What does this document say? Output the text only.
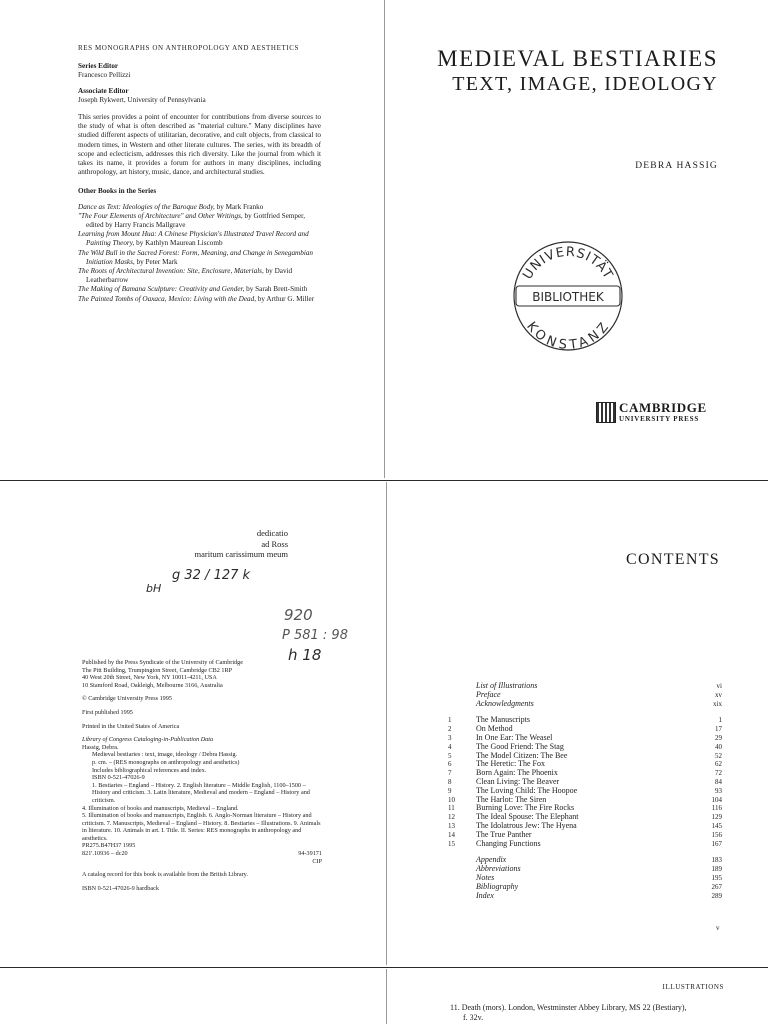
RES MONOGRAPHS ON ANTHROPOLOGY AND AESTHETICS
Series Editor
Francesco Pellizzi
Associate Editor
Joseph Rykwert, University of Pennsylvania
This series provides a point of encounter for contributions from diverse sources to the study of what is often described as "material culture." Many disciplines have studied different aspects of utilitarian, decorative, and cult objects, from classical to modern times, in Western and other literate cultures. The series, with its breadth of scope and eclecticism, addresses this rich diversity. Like the journal from which it takes its name, it provides a forum for authors in many disciplines, including anthropology, art history, music, dance, and architectural studies.
Other Books in the Series
Dance as Text: Ideologies of the Baroque Body, by Mark Franko
"The Four Elements of Architecture" and Other Writings, by Gottfried Semper, edited by Harry Francis Mallgrave
Learning from Mount Hua: A Chinese Physician's Illustrated Travel Record and Painting Theory, by Kathlyn Maurean Liscomb
The Wild Bull in the Sacred Forest: Form, Meaning, and Change in Senegambian Initiation Masks, by Peter Mark
The Roots of Architectural Invention: Site, Enclosure, Materials, by David Leatherbarrow
The Making of Bamana Sculpture: Creativity and Gender, by Sarah Brett-Smith
The Painted Tombs of Oaxaca, Mexico: Living with the Dead, by Arthur G. Miller
MEDIEVAL BESTIARIES
TEXT, IMAGE, IDEOLOGY
DEBRA HASSIG
UNIVERSITÄT
BIBLIOTHEK
KONSTANZ
CAMBRIDGE
UNIVERSITY PRESS
dedicatio
ad Ross
maritum carissimum meum
g 32 / 127 k
bH
920
P 581 : 98
h 18
Published by the Press Syndicate of the University of Cambridge
The Pitt Building, Trumpington Street, Cambridge CB2 1RP
40 West 20th Street, New York, NY 10011-4211, USA
10 Stamford Road, Oakleigh, Melbourne 3166, Australia
© Cambridge University Press 1995
First published 1995
Printed in the United States of America
Library of Congress Cataloging-in-Publication Data
Hassig, Debra.
Medieval bestiaries : text, image, ideology / Debra Hassig.
p. cm. – (RES monographs on anthropology and aesthetics)
Includes bibliographical references and index.
ISBN 0-521-47026-9
1. Bestiaries – England – History. 2. English literature – Middle English, 1100–1500 – History and criticism. 3. Latin literature, Medieval and modern – England – History and criticism.
4. Illumination of books and manuscripts, Medieval – England.
5. Illumination of books and manuscripts, English. 6. Anglo-Norman literature – History and criticism. 7. Manuscripts, Medieval – England – History. 8. Bestiaries – Illustrations. 9. Animals in literature. 10. Animals in art. I. Title. II. Series: RES monographs in anthropology and aesthetics.
PR275.B47H37 1995
821'.10936 – dc20	94-39171
CIP
A catalog record for this book is available from the British Library.
ISBN 0-521-47026-9 hardback
CONTENTS
List of Illustrations	vi
Preface	xv
Acknowledgments	xix
1	The Manuscripts	1
2	On Method	17
3	In One Ear: The Weasel	29
4	The Good Friend: The Stag	40
5	The Model Citizen: The Bee	52
6	The Heretic: The Fox	62
7	Born Again: The Phoenix	72
8	Clean Living: The Beaver	84
9	The Loving Child: The Hoopoe	93
10	The Harlot: The Siren	104
11	Burning Love: The Fire Rocks	116
12	The Ideal Spouse: The Elephant	129
13	The Idolatrous Jew: The Hyena	145
14	The True Panther	156
15	Changing Functions	167
Appendix	183
Abbreviations	189
Notes	195
Bibliography	267
Index	289
v
ILLUSTRATIONS
11. Death (mors). London, Westminster Abbey Library, MS 22 (Bestiary),
f. 32v.
